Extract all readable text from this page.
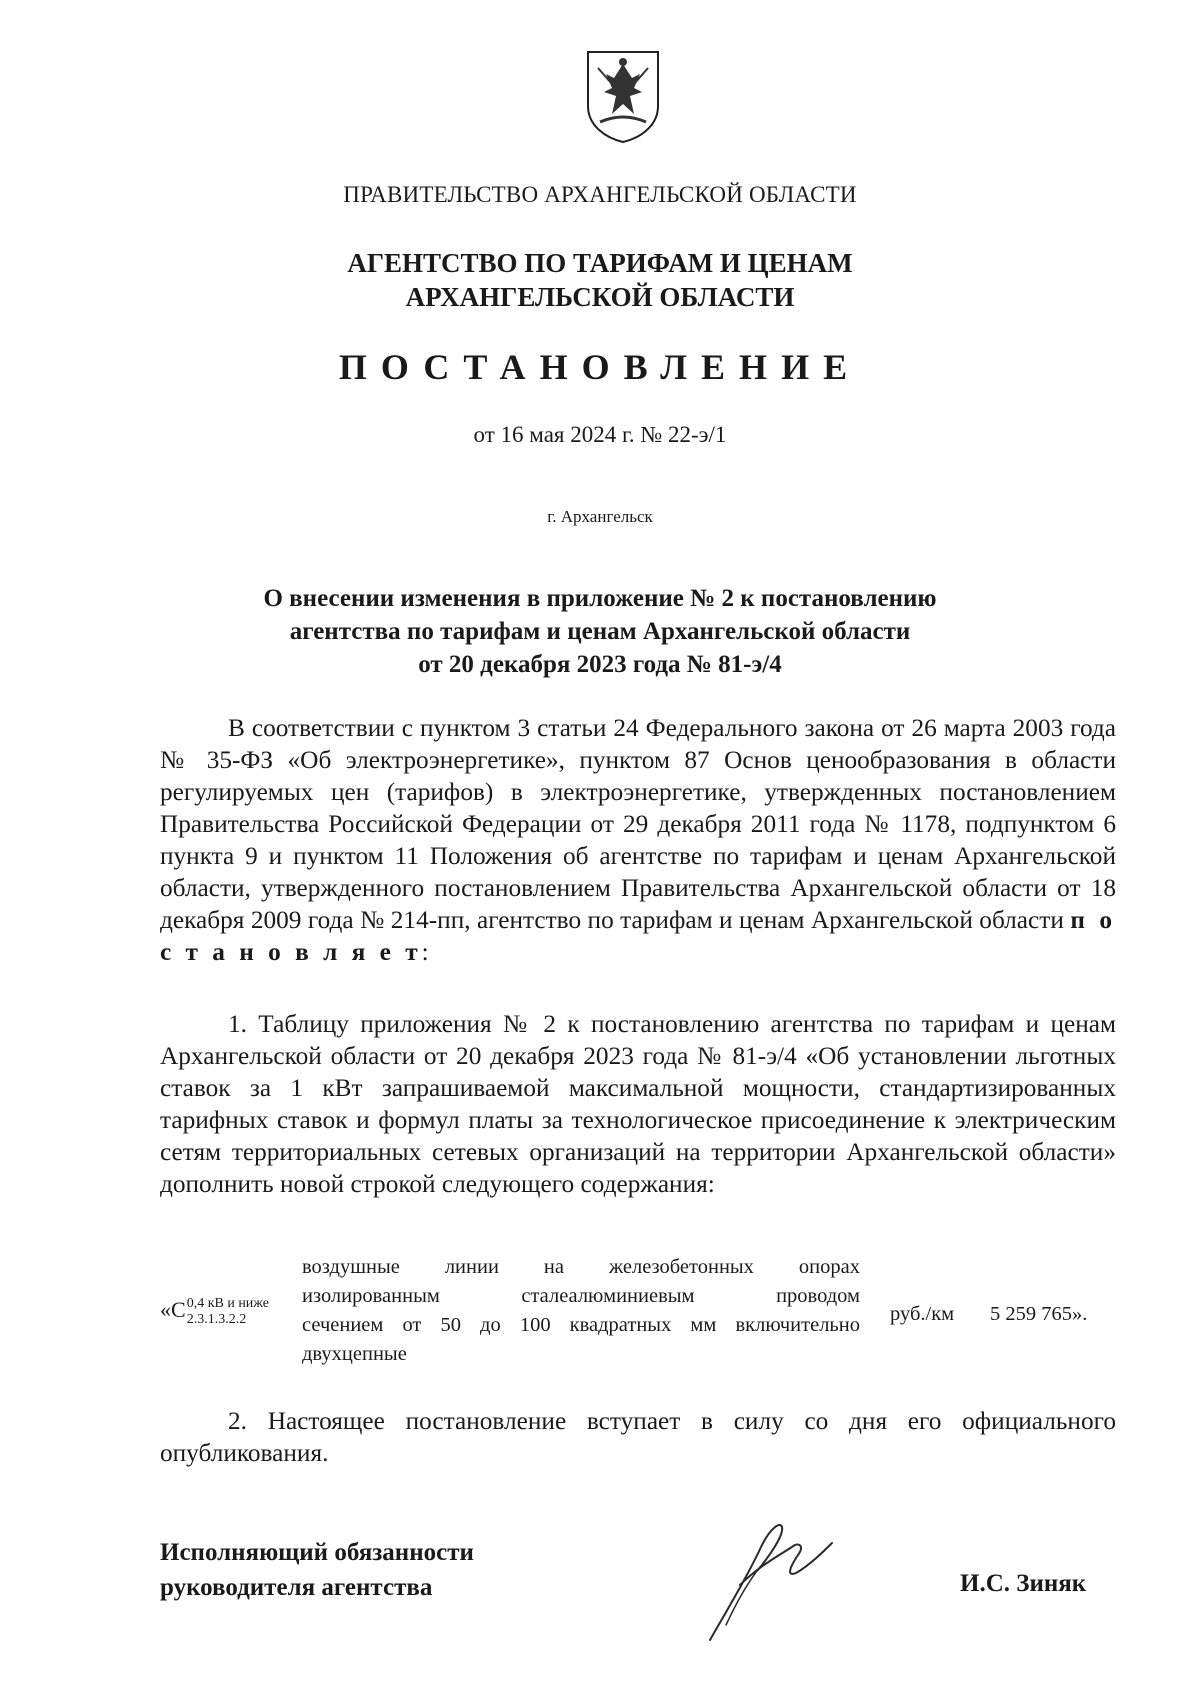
ПРАВИТЕЛЬСТВО АРХАНГЕЛЬСКОЙ ОБЛАСТИ
АГЕНТСТВО ПО ТАРИФАМ И ЦЕНАМ
АРХАНГЕЛЬСКОЙ ОБЛАСТИ
ПОСТАНОВЛЕНИЕ
от 16 мая 2024 г. № 22-э/1
г. Архангельск
О внесении изменения в приложение № 2 к постановлению
агентства по тарифам и ценам Архангельской области
от 20 декабря 2023 года № 81-э/4

В соответствии с пунктом 3 статьи 24 Федерального закона от 26 марта 2003 года № 35-ФЗ «Об электроэнергетике», пунктом 87 Основ ценообразования в области регулируемых цен (тарифов) в электроэнергетике, утвержденных постановлением Правительства Российской Федерации от 29 декабря 2011 года № 1178, подпунктом 6 пункта 9 и пунктом 11 Положения об агентстве по тарифам и ценам Архангельской области, утвержденного постановлением Правительства Архангельской области от 18 декабря 2009 года № 214-пп, агентство по тарифам и ценам Архангельской области п о с т а н о в л я е т:

1. Таблицу приложения № 2 к постановлению агентства по тарифам и ценам Архангельской области от 20 декабря 2023 года № 81-э/4 «Об установлении льготных ставок за 1 кВт запрашиваемой максимальной мощности, стандартизированных тарифных ставок и формул платы за технологическое присоединение к электрическим сетям территориальных сетевых организаций на территории Архангельской области» дополнить новой строкой следующего содержания:

«C 0,4 кВ и ниже
2.3.1.3.2.2
воздушные линии на железобетонных опорах
изолированным сталеалюминиевым проводом
сечением от 50 до 100 квадратных мм включительно
двухцепные
руб./км 5 259 765».

2. Настоящее постановление вступает в силу со дня его официального опубликования.

Исполняющий обязанности
руководителя агентства	И.С. Зиняк
